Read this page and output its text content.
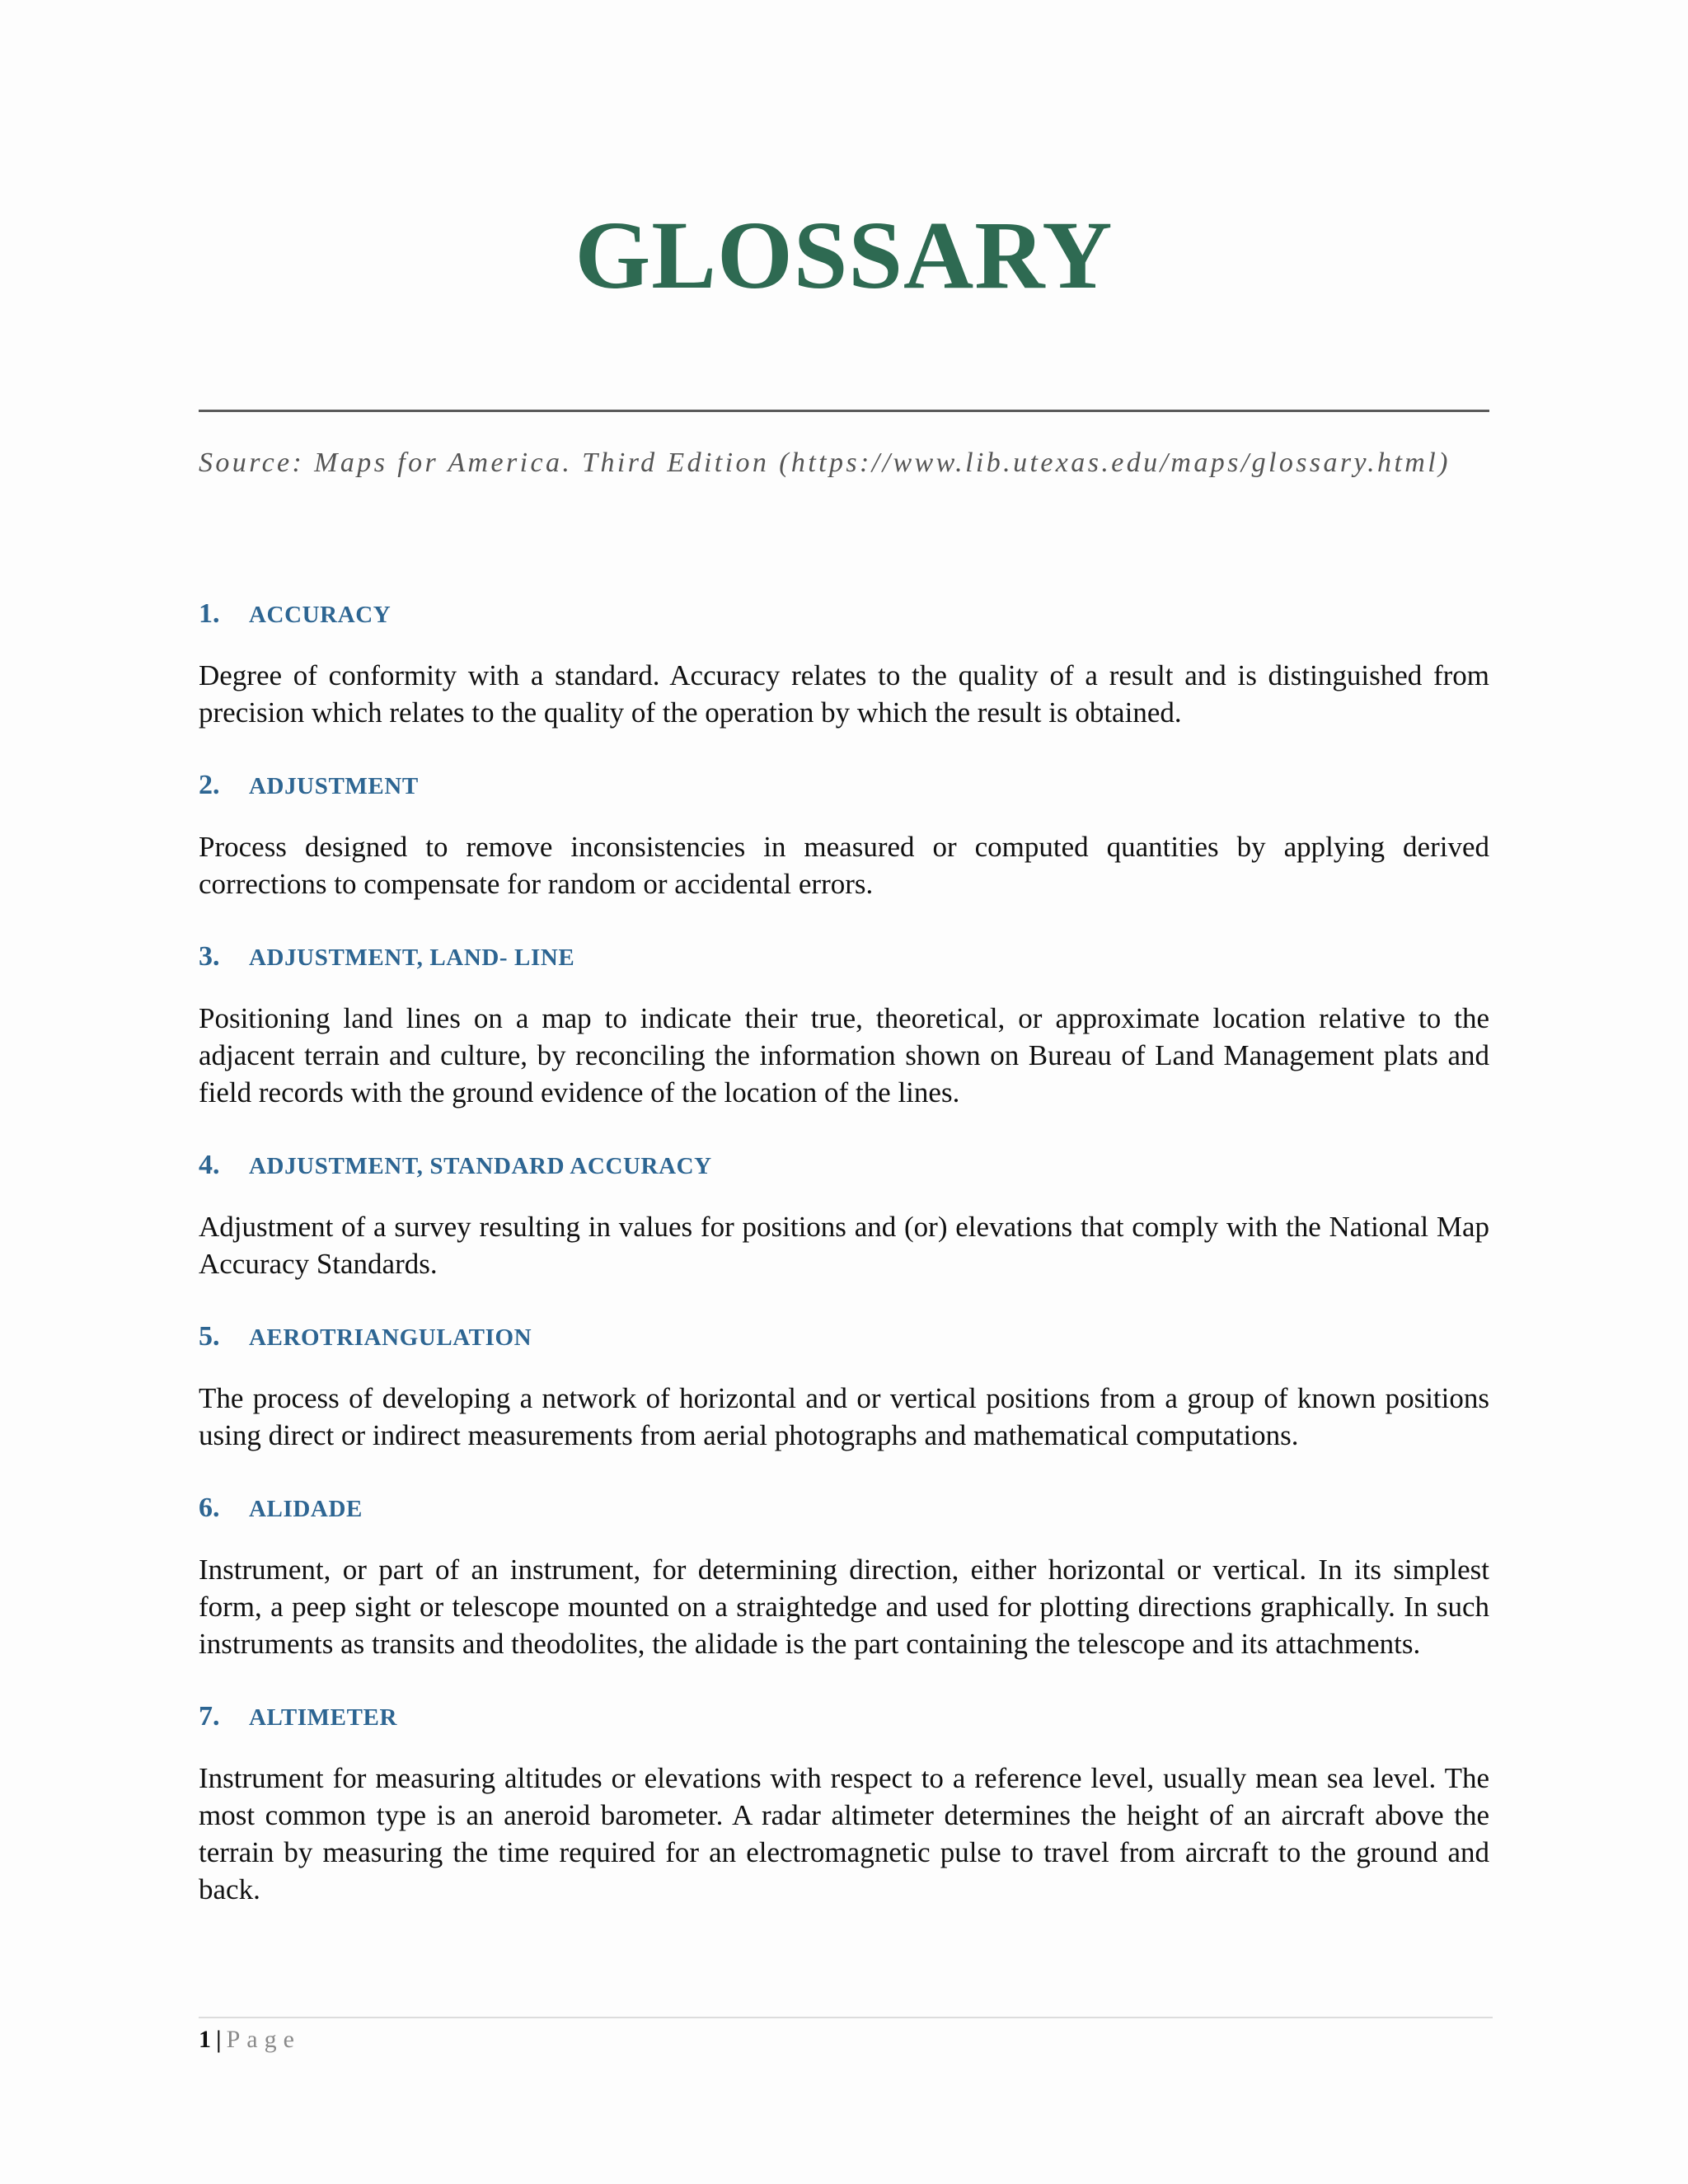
GLOSSARY
Source: Maps for America. Third Edition (https://www.lib.utexas.edu/maps/glossary.html)
1.	ACCURACY
Degree of conformity with a standard. Accuracy relates to the quality of a result and is distinguished from precision which relates to the quality of the operation by which the result is obtained.
2.	ADJUSTMENT
Process designed to remove inconsistencies in measured or computed quantities by applying derived corrections to compensate for random or accidental errors.
3.	ADJUSTMENT, LAND- LINE
Positioning land lines on a map to indicate their true, theoretical, or approximate location relative to the adjacent terrain and culture, by reconciling the information shown on Bureau of Land Management plats and field records with the ground evidence of the location of the lines.
4.	ADJUSTMENT, STANDARD ACCURACY
Adjustment of a survey resulting in values for positions and (or) elevations that comply with the National Map Accuracy Standards.
5.	AEROTRIANGULATION
The process of developing a network of horizontal and or vertical positions from a group of known positions using direct or indirect measurements from aerial photographs and mathematical computations.
6.	ALIDADE
Instrument, or part of an instrument, for determining direction, either horizontal or vertical. In its simplest form, a peep sight or telescope mounted on a straightedge and used for plotting directions graphically. In such instruments as transits and theodolites, the alidade is the part containing the telescope and its attachments.
7.	ALTIMETER
Instrument for measuring altitudes or elevations with respect to a reference level, usually mean sea level. The most common type is an aneroid barometer. A radar altimeter determines the height of an aircraft above the terrain by measuring the time required for an electromagnetic pulse to travel from aircraft to the ground and back.
1 | Page
